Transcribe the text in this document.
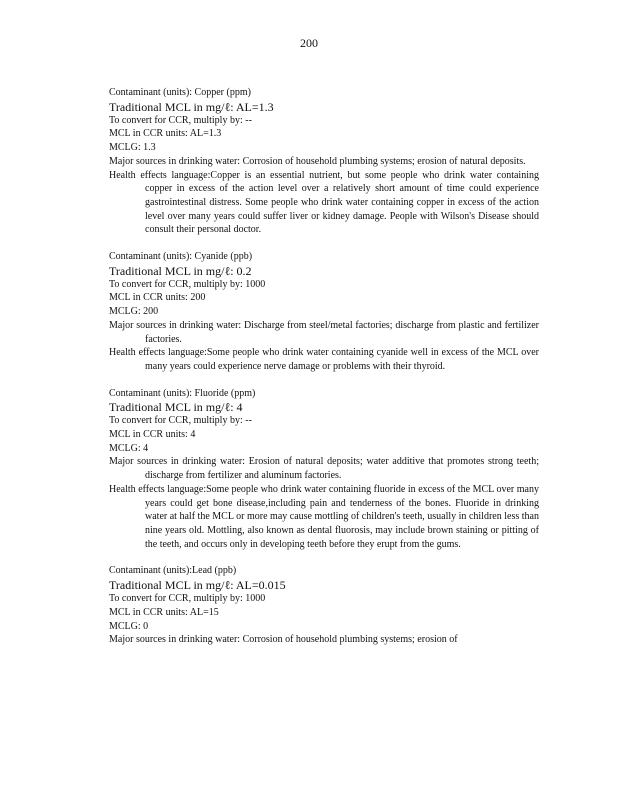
200
Contaminant (units): Copper (ppm)
Traditional MCL in mg/ℓ: AL=1.3
To convert for CCR, multiply by: --
MCL in CCR units: AL=1.3
MCLG: 1.3
Major sources in drinking water: Corrosion of household plumbing systems; erosion of natural deposits.
Health effects language:Copper is an essential nutrient, but some people who drink water containing copper in excess of the action level over a relatively short amount of time could experience gastrointestinal distress. Some people who drink water containing copper in excess of the action level over many years could suffer liver or kidney damage. People with Wilson's Disease should consult their personal doctor.
Contaminant (units): Cyanide (ppb)
Traditional MCL in mg/ℓ: 0.2
To convert for CCR, multiply by: 1000
MCL in CCR units: 200
MCLG: 200
Major sources in drinking water: Discharge from steel/metal factories; discharge from plastic and fertilizer factories.
Health effects language:Some people who drink water containing cyanide well in excess of the MCL over many years could experience nerve damage or problems with their thyroid.
Contaminant (units): Fluoride (ppm)
Traditional MCL in mg/ℓ: 4
To convert for CCR, multiply by: --
MCL in CCR units: 4
MCLG: 4
Major sources in drinking water: Erosion of natural deposits; water additive that promotes strong teeth; discharge from fertilizer and aluminum factories.
Health effects language:Some people who drink water containing fluoride in excess of the MCL over many years could get bone disease,including pain and tenderness of the bones. Fluoride in drinking water at half the MCL or more may cause mottling of children's teeth, usually in children less than nine years old. Mottling, also known as dental fluorosis, may include brown staining or pitting of the teeth, and occurs only in developing teeth before they erupt from the gums.
Contaminant (units):Lead (ppb)
Traditional MCL in mg/ℓ: AL=0.015
To convert for CCR, multiply by: 1000
MCL in CCR units: AL=15
MCLG: 0
Major sources in drinking water: Corrosion of household plumbing systems; erosion of
